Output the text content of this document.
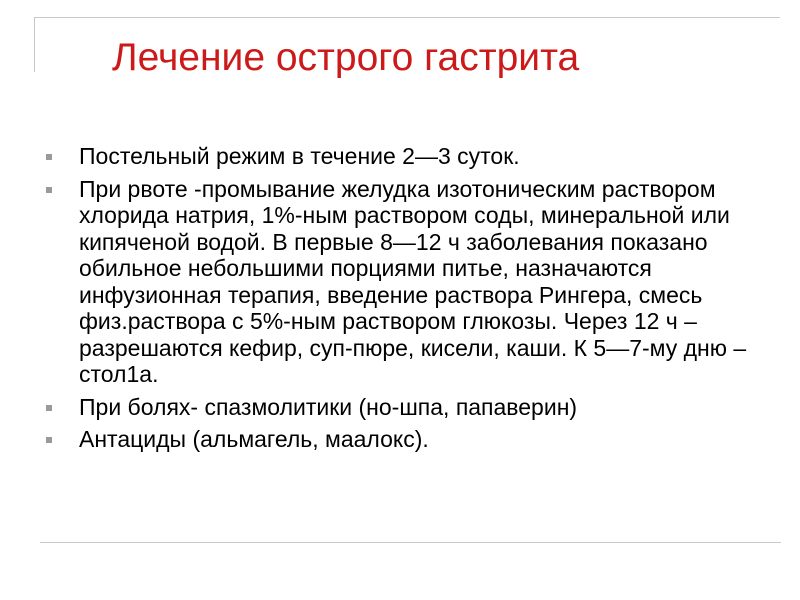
Лечение острого гастрита
Постельный режим в течение 2—3 суток.
При рвоте -промывание желудка изотоническим раствором хлорида натрия, 1%-ным раствором соды, минеральной или кипяченой водой. В первые 8—12 ч заболевания показано обильное небольшими порциями питье, назначаются инфузионная терапия, введение раствора Рингера, смесь физ.раствора с 5%-ным раствором глюкозы. Через 12 ч – разрешаются кефир, суп-пюре, кисели, каши. К 5—7-му дню – стол1а.
При болях- спазмолитики (но-шпа, папаверин)
Антациды (альмагель, маалокс).
